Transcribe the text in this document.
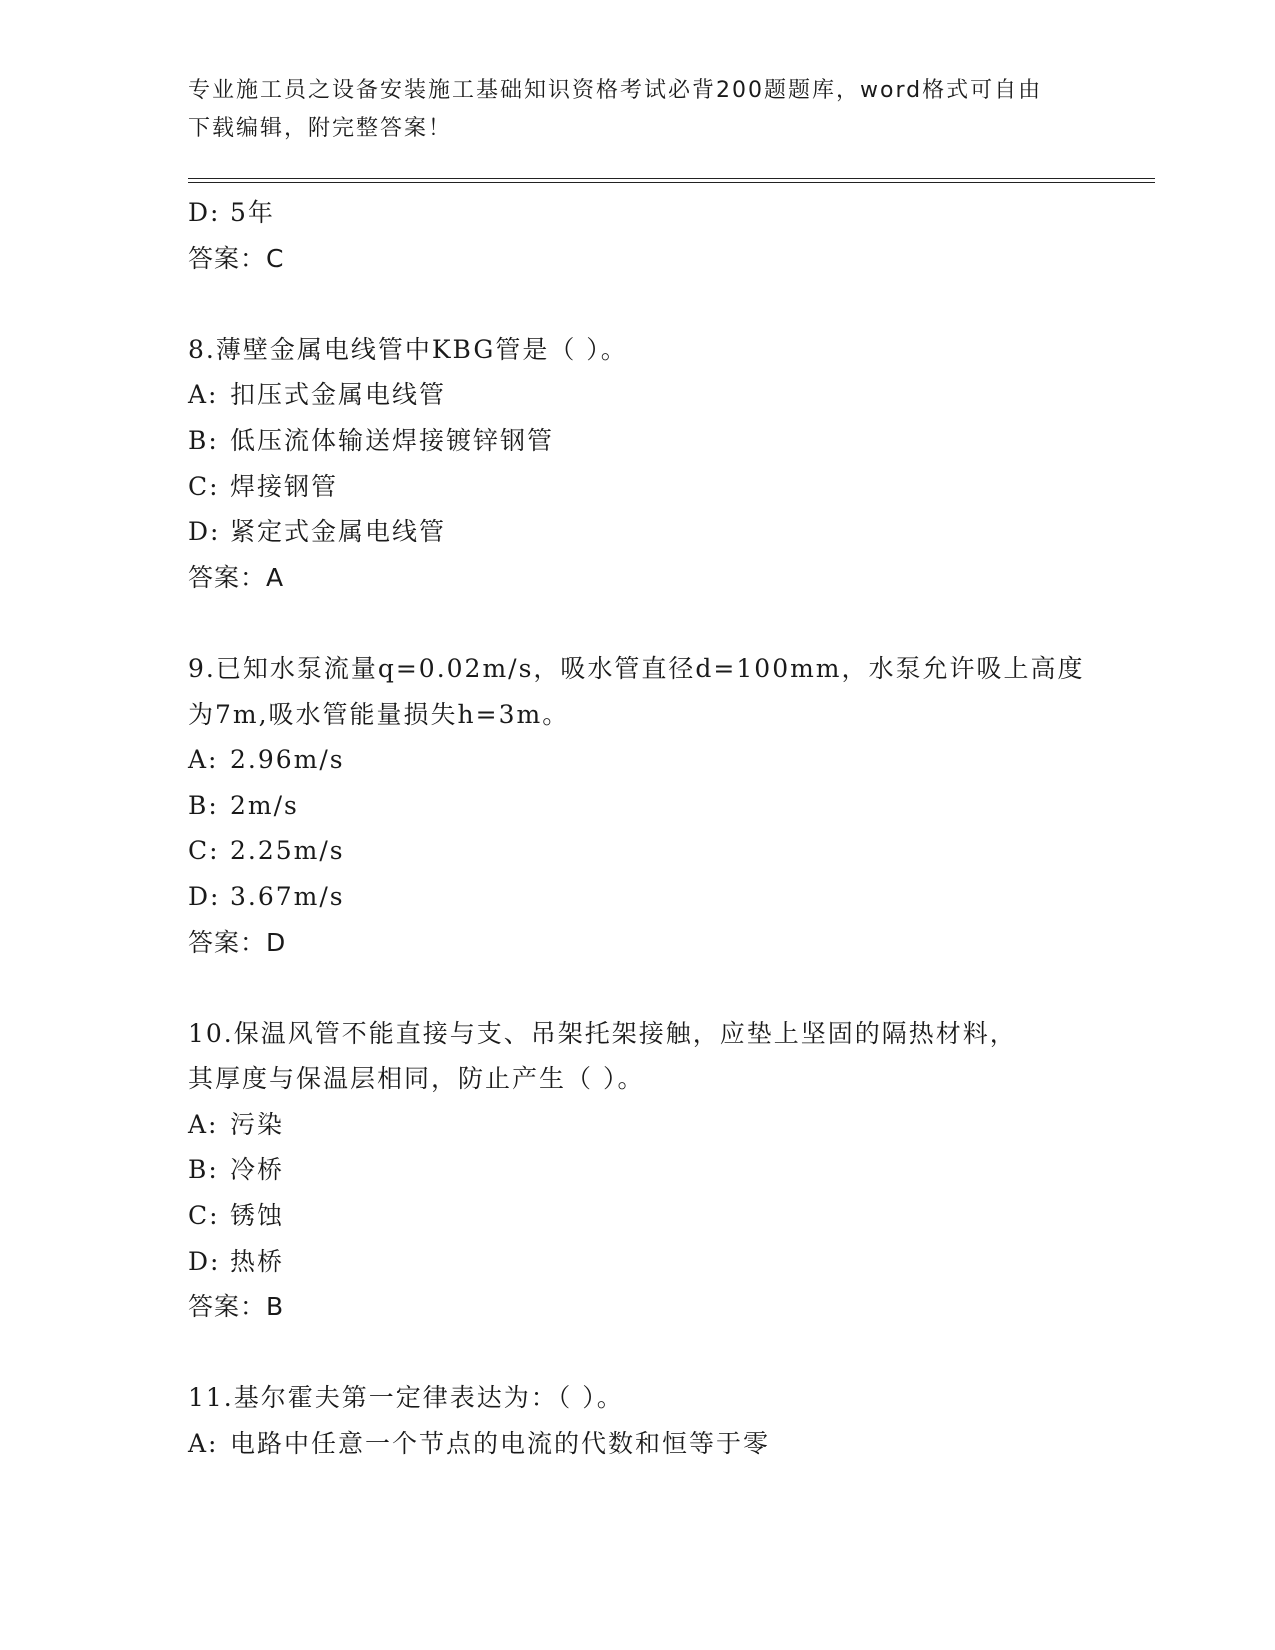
专业施工员之设备安装施工基础知识资格考试必背200题题库，word格式可自由
下载编辑，附完整答案！
D: 5年
答案：C
8.薄壁金属电线管中KBG管是（ ）。
A: 扣压式金属电线管
B: 低压流体输送焊接镀锌钢管
C: 焊接钢管
D: 紧定式金属电线管
答案：A
9.已知水泵流量q=0.02m/s，吸水管直径d=100mm，水泵允许吸上高度
为7m,吸水管能量损失h=3m。
A: 2.96m/s
B: 2m/s
C: 2.25m/s
D: 3.67m/s
答案：D
10.保温风管不能直接与支、吊架托架接触，应垫上坚固的隔热材料，
其厚度与保温层相同，防止产生（ ）。
A: 污染
B: 冷桥
C: 锈蚀
D: 热桥
答案：B
11.基尔霍夫第一定律表达为：（ ）。
A: 电路中任意一个节点的电流的代数和恒等于零
